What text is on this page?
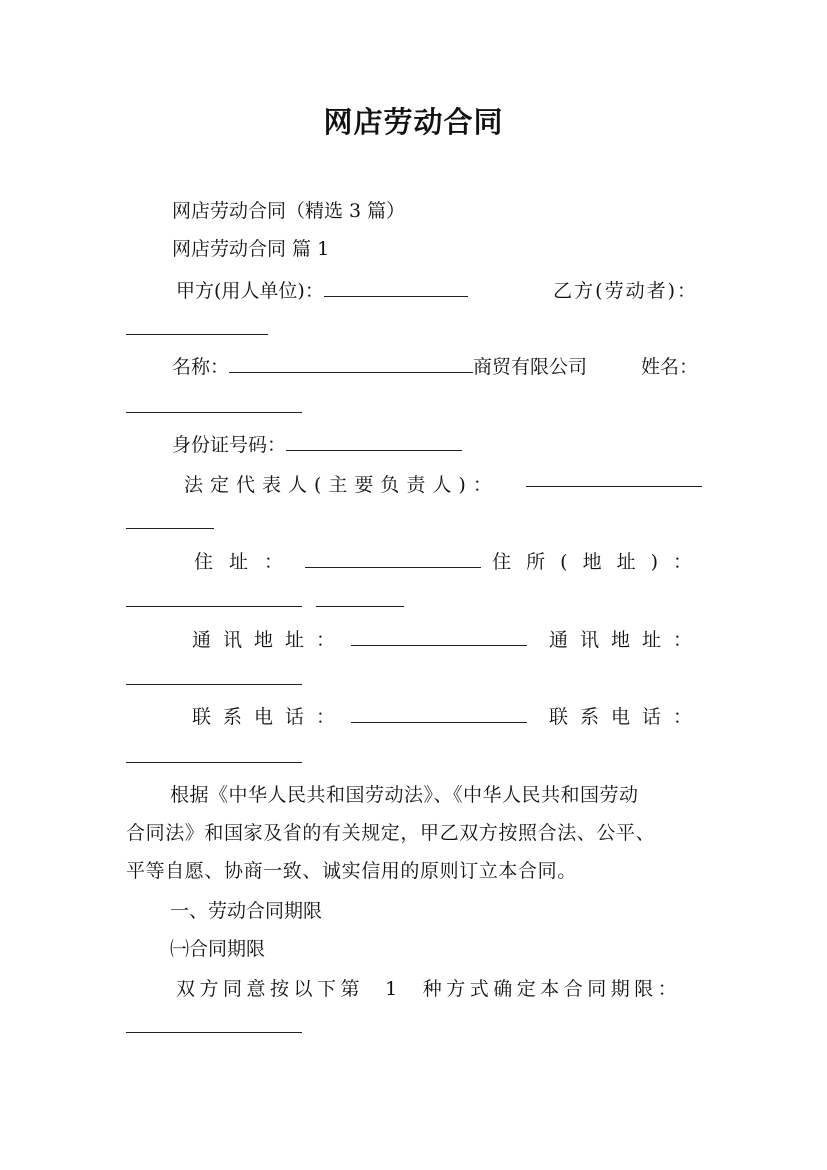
网店劳动合同
网店劳动合同（精选 3 篇）
网店劳动合同 篇 1
甲方(用人单位)：	乙方(劳动者)：
名称：	商贸有限公司	姓名：
身份证号码：
法定代表人(主要负责人)：
住址：	住所(地址)：

通讯地址：	通讯地址：
联系电话：	联系电话：
根据《中华人民共和国劳动法》、《中华人民共和国劳动
合同法》和国家及省的有关规定，甲乙双方按照合法、公平、
平等自愿、协商一致、诚实信用的原则订立本合同。
一、劳动合同期限
㈠合同期限
双方同意按以下第  1  种方式确定本合同期限：
